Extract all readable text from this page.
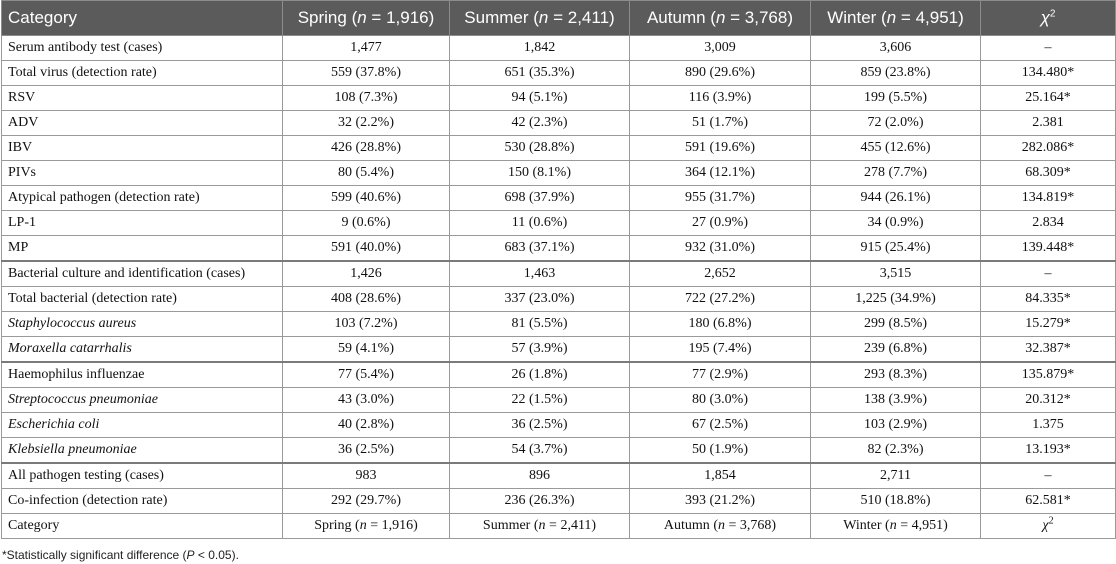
Category	Spring (n = 1,916)	Summer (n = 2,411)	Autumn (n = 3,768)	Winter (n = 4,951)	$\chi^2$
Serum antibody test (cases)	1,477	1,842	3,009	3,606	–
Total virus (detection rate)	559 (37.8%)	651 (35.3%)	890 (29.6%)	859 (23.8%)	134.480*
RSV	108 (7.3%)	94 (5.1%)	116 (3.9%)	199 (5.5%)	25.164*
ADV	32 (2.2%)	42 (2.3%)	51 (1.7%)	72 (2.0%)	2.381
IBV	426 (28.8%)	530 (28.8%)	591 (19.6%)	455 (12.6%)	282.086*
PIVs	80 (5.4%)	150 (8.1%)	364 (12.1%)	278 (7.7%)	68.309*
Atypical pathogen (detection rate)	599 (40.6%)	698 (37.9%)	955 (31.7%)	944 (26.1%)	134.819*
LP-1	9 (0.6%)	11 (0.6%)	27 (0.9%)	34 (0.9%)	2.834
MP	591 (40.0%)	683 (37.1%)	932 (31.0%)	915 (25.4%)	139.448*
Bacterial culture and identification (cases)	1,426	1,463	2,652	3,515	–
Total bacterial (detection rate)	408 (28.6%)	337 (23.0%)	722 (27.2%)	1,225 (34.9%)	84.335*
Staphylococcus aureus	103 (7.2%)	81 (5.5%)	180 (6.8%)	299 (8.5%)	15.279*
Moraxella catarrhalis	59 (4.1%)	57 (3.9%)	195 (7.4%)	239 (6.8%)	32.387*
Haemophilus influenzae	77 (5.4%)	26 (1.8%)	77 (2.9%)	293 (8.3%)	135.879*
Streptococcus pneumoniae	43 (3.0%)	22 (1.5%)	80 (3.0%)	138 (3.9%)	20.312*
Escherichia coli	40 (2.8%)	36 (2.5%)	67 (2.5%)	103 (2.9%)	1.375
Klebsiella pneumoniae	36 (2.5%)	54 (3.7%)	50 (1.9%)	82 (2.3%)	13.193*
All pathogen testing (cases)	983	896	1,854	2,711	–
Co-infection (detection rate)	292 (29.7%)	236 (26.3%)	393 (21.2%)	510 (18.8%)	62.581*
Category	Spring (n = 1,916)	Summer (n = 2,411)	Autumn (n = 3,768)	Winter (n = 4,951)	$\chi^2$

*Statistically significant difference (P < 0.05).
